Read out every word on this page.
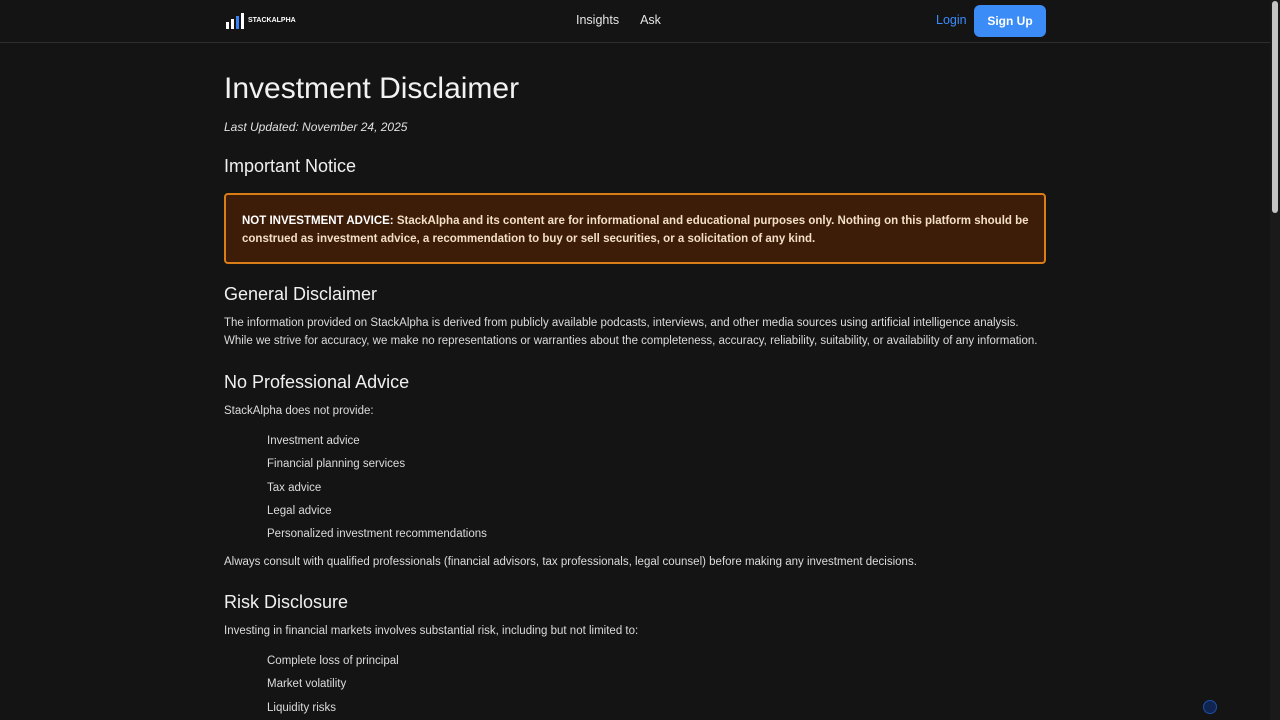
STACKALPHA	Insights Ask	Login	Sign Up
Investment Disclaimer
Last Updated: November 24, 2025
Important Notice
NOT INVESTMENT ADVICE: StackAlpha and its content are for informational and educational purposes only. Nothing on this platform should be construed as investment advice, a recommendation to buy or sell securities, or a solicitation of any kind.
General Disclaimer

The information provided on StackAlpha is derived from publicly available podcasts, interviews, and other media sources using artificial intelligence analysis. While we strive for accuracy, we make no representations or warranties about the completeness, accuracy, reliability, suitability, or availability of any information.

No Professional Advice

StackAlpha does not provide:

Investment advice
Financial planning services
Tax advice
Legal advice
Personalized investment recommendations

Always consult with qualified professionals (financial advisors, tax professionals, legal counsel) before making any investment decisions.

Risk Disclosure

Investing in financial markets involves substantial risk, including but not limited to:

Complete loss of principal
Market volatility
Liquidity risks
